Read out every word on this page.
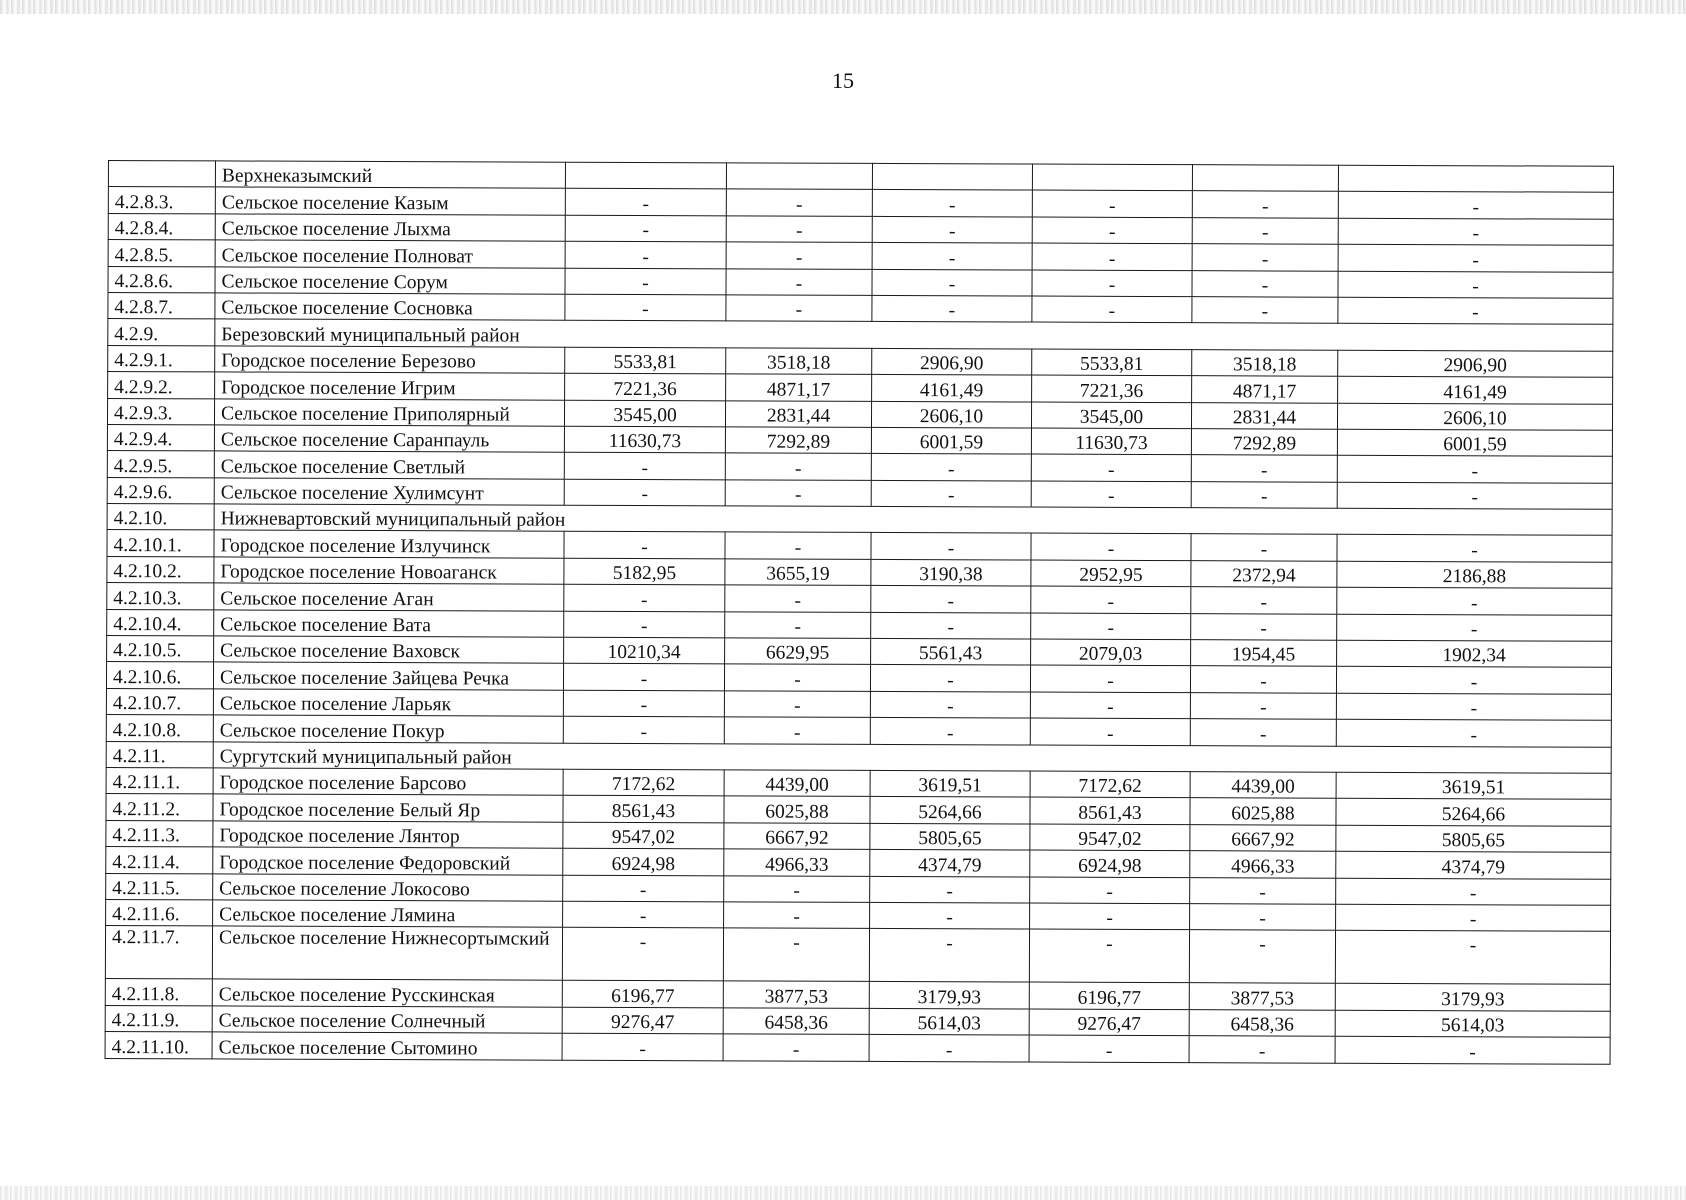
15
	Верхнеказымский						
4.2.8.3.	Сельское поселение Казым	-	-	-	-	-	-
4.2.8.4.	Сельское поселение Лыхма	-	-	-	-	-	-
4.2.8.5.	Сельское поселение Полноват	-	-	-	-	-	-
4.2.8.6.	Сельское поселение Сорум	-	-	-	-	-	-
4.2.8.7.	Сельское поселение Сосновка	-	-	-	-	-	-
4.2.9.	Березовский муниципальный район						
4.2.9.1.	Городское поселение Березово	5533,81	3518,18	2906,90	5533,81	3518,18	2906,90
4.2.9.2.	Городское поселение Игрим	7221,36	4871,17	4161,49	7221,36	4871,17	4161,49
4.2.9.3.	Сельское поселение Приполярный	3545,00	2831,44	2606,10	3545,00	2831,44	2606,10
4.2.9.4.	Сельское поселение Саранпауль	11630,73	7292,89	6001,59	11630,73	7292,89	6001,59
4.2.9.5.	Сельское поселение Светлый	-	-	-	-	-	-
4.2.9.6.	Сельское поселение Хулимсунт	-	-	-	-	-	-
4.2.10.	Нижневартовский муниципальный район						
4.2.10.1.	Городское поселение Излучинск	-	-	-	-	-	-
4.2.10.2.	Городское поселение Новоаганск	5182,95	3655,19	3190,38	2952,95	2372,94	2186,88
4.2.10.3.	Сельское поселение Аган	-	-	-	-	-	-
4.2.10.4.	Сельское поселение Вата	-	-	-	-	-	-
4.2.10.5.	Сельское поселение Ваховск	10210,34	6629,95	5561,43	2079,03	1954,45	1902,34
4.2.10.6.	Сельское поселение Зайцева Речка	-	-	-	-	-	-
4.2.10.7.	Сельское поселение Ларьяк	-	-	-	-	-	-
4.2.10.8.	Сельское поселение Покур	-	-	-	-	-	-
4.2.11.	Сургутский муниципальный район						
4.2.11.1.	Городское поселение Барсово	7172,62	4439,00	3619,51	7172,62	4439,00	3619,51
4.2.11.2.	Городское поселение Белый Яр	8561,43	6025,88	5264,66	8561,43	6025,88	5264,66
4.2.11.3.	Городское поселение Лянтор	9547,02	6667,92	5805,65	9547,02	6667,92	5805,65
4.2.11.4.	Городское поселение Федоровский	6924,98	4966,33	4374,79	6924,98	4966,33	4374,79
4.2.11.5.	Сельское поселение Локосово	-	-	-	-	-	-
4.2.11.6.	Сельское поселение Лямина	-	-	-	-	-	-
4.2.11.7.	Сельское поселение Нижнесортымский	-	-	-	-	-	-
4.2.11.8.	Сельское поселение Русскинская	6196,77	3877,53	3179,93	6196,77	3877,53	3179,93
4.2.11.9.	Сельское поселение Солнечный	9276,47	6458,36	5614,03	9276,47	6458,36	5614,03
4.2.11.10.	Сельское поселение Сытомино	-	-	-	-	-	-
